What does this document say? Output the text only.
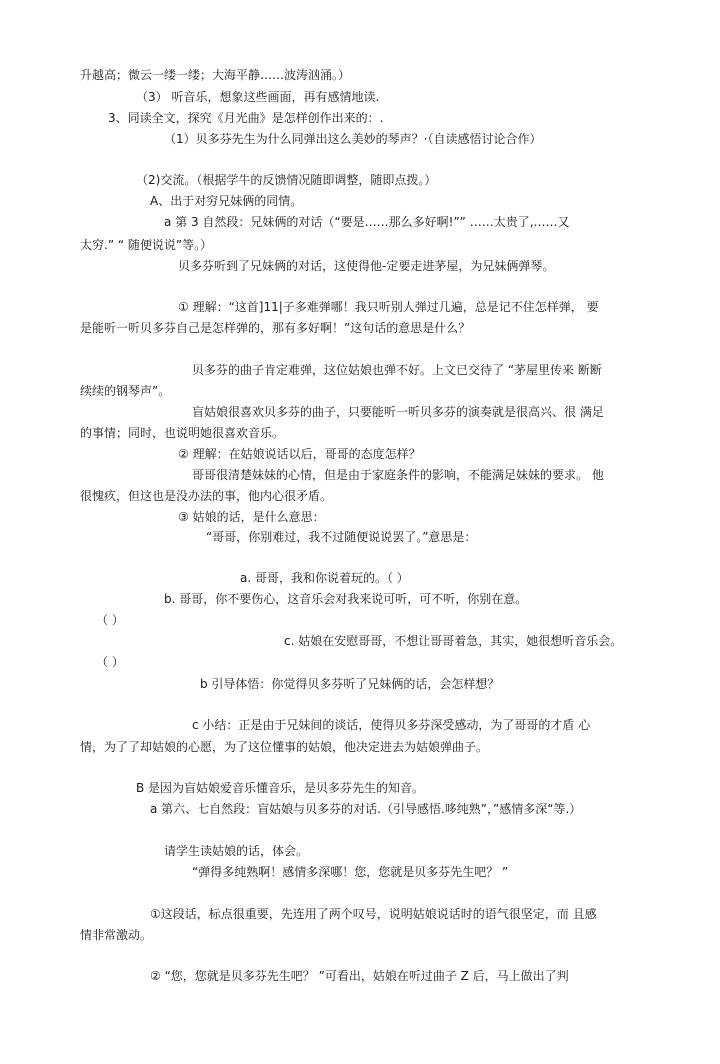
升越高；微云一缕一缕；大海平静……波涛汹涌。）

（3） 听音乐，想象这些画面，再有感情地读.

3、同读全文，探究《月光曲》是怎样创作出来的：.

（1）贝多芬先生为什么同弹出这么美妙的琴声？·（自读感悟讨论合作）

（2)交流。（根据学牛的反馈情况随即调整，随即点拨。）

A、出于对穷兄妹俩的同情。

a 第 3 自然段：兄妹俩的对话（“要是……那么多好啊!”” ……太贵了,……又

太穷.” “ 随便说说”等。）

贝多芬听到了兄妹俩的对话，这使得他-定要走进茅屋，为兄妹俩弹琴。

① 理解：“这首]11|子多难弹哪！我只听别人弹过几遍，总是记不住怎样弹， 要

是能听一听贝多芬自己是怎样弹的，那有多好啊！”这句话的意思是什么？

贝多芬的曲子肯定难弹，这位姑娘也弹不好。上文已交待了 “茅屋里传来 断断

续续的钢琴声”。

盲姑娘很喜欢贝多芬的曲子，只要能听一听贝多芬的演奏就是很高兴、很 满足

的事情；同时，也说明她很喜欢音乐。

② 理解：在姑娘说话以后，哥哥的态度怎样？

哥哥很清楚妹妹的心情，但是由于家庭条件的影响，不能满足妹妹的要求。 他

很愧疚，但这也是没办法的事，他内心很矛盾。

③ 姑娘的话，是什么意思：

“哥哥，你别难过，我不过随便说说罢了。”意思是：

a. 哥哥，我和你说着玩的。（ ）

b. 哥哥，你不要伤心，这音乐会对我来说可听，可不听，你别在意。

（ ）

c. 姑娘在安慰哥哥，不想让哥哥着急，其实，她很想听音乐会。

（ ）

b 引导体悟：你觉得贝多芬听了兄妹俩的话，会怎样想？

c 小结：正是由于兄妹间的谈话，使得贝多芬深受感动，为了哥哥的才盾 心

情，为了了却姑娘的心愿，为了这位懂事的姑娘，他决定进去为姑娘弹曲子。

B 是因为盲姑娘爱音乐懂音乐，是贝多芬先生的知音。

a 第六、七自然段：盲姑娘与贝多芬的对话.（引导感悟.哆纯熟”，”感情多深“等.）

请学生读姑娘的话，体会。

“弹得多纯熟啊！感情多深哪！您，您就是贝多芬先生吧？ ”

①这段话，标点很重要，先连用了两个叹号，说明姑娘说话时的语气很坚定，而 且感

情非常激动。

② “您，您就是贝多芬先生吧？ ”可看出，姑娘在听过曲子 Z 后，马上做出了判
